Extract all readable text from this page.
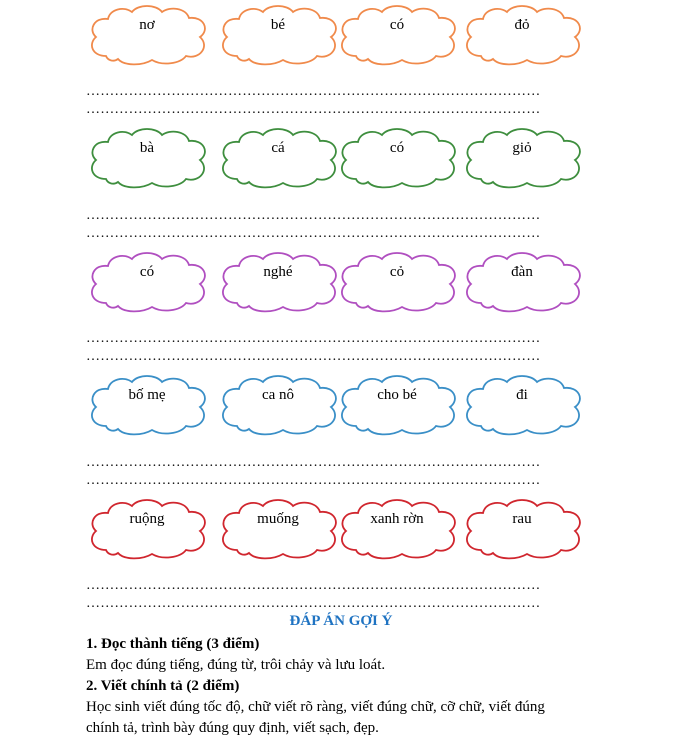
nơ	bé	có	đỏ
……………………………………………………………………………………
……………………………………………………………………………………
bà	cá	có	giỏ
……………………………………………………………………………………
……………………………………………………………………………………
có	nghé	cỏ	đàn
……………………………………………………………………………………
……………………………………………………………………………………
bố mẹ	ca nô	cho bé	đi
……………………………………………………………………………………
……………………………………………………………………………………
ruộng	muống	xanh rờn	rau
……………………………………………………………………………………
……………………………………………………………………………………
ĐÁP ÁN GỢI Ý
1. Đọc thành tiếng (3 điểm)
Em đọc đúng tiếng, đúng từ, trôi chảy và lưu loát.
2. Viết chính tả (2 điểm)
Học sinh viết đúng tốc độ, chữ viết rõ ràng, viết đúng chữ, cỡ chữ, viết đúng
chính tả, trình bày đúng quy định, viết sạch, đẹp.
